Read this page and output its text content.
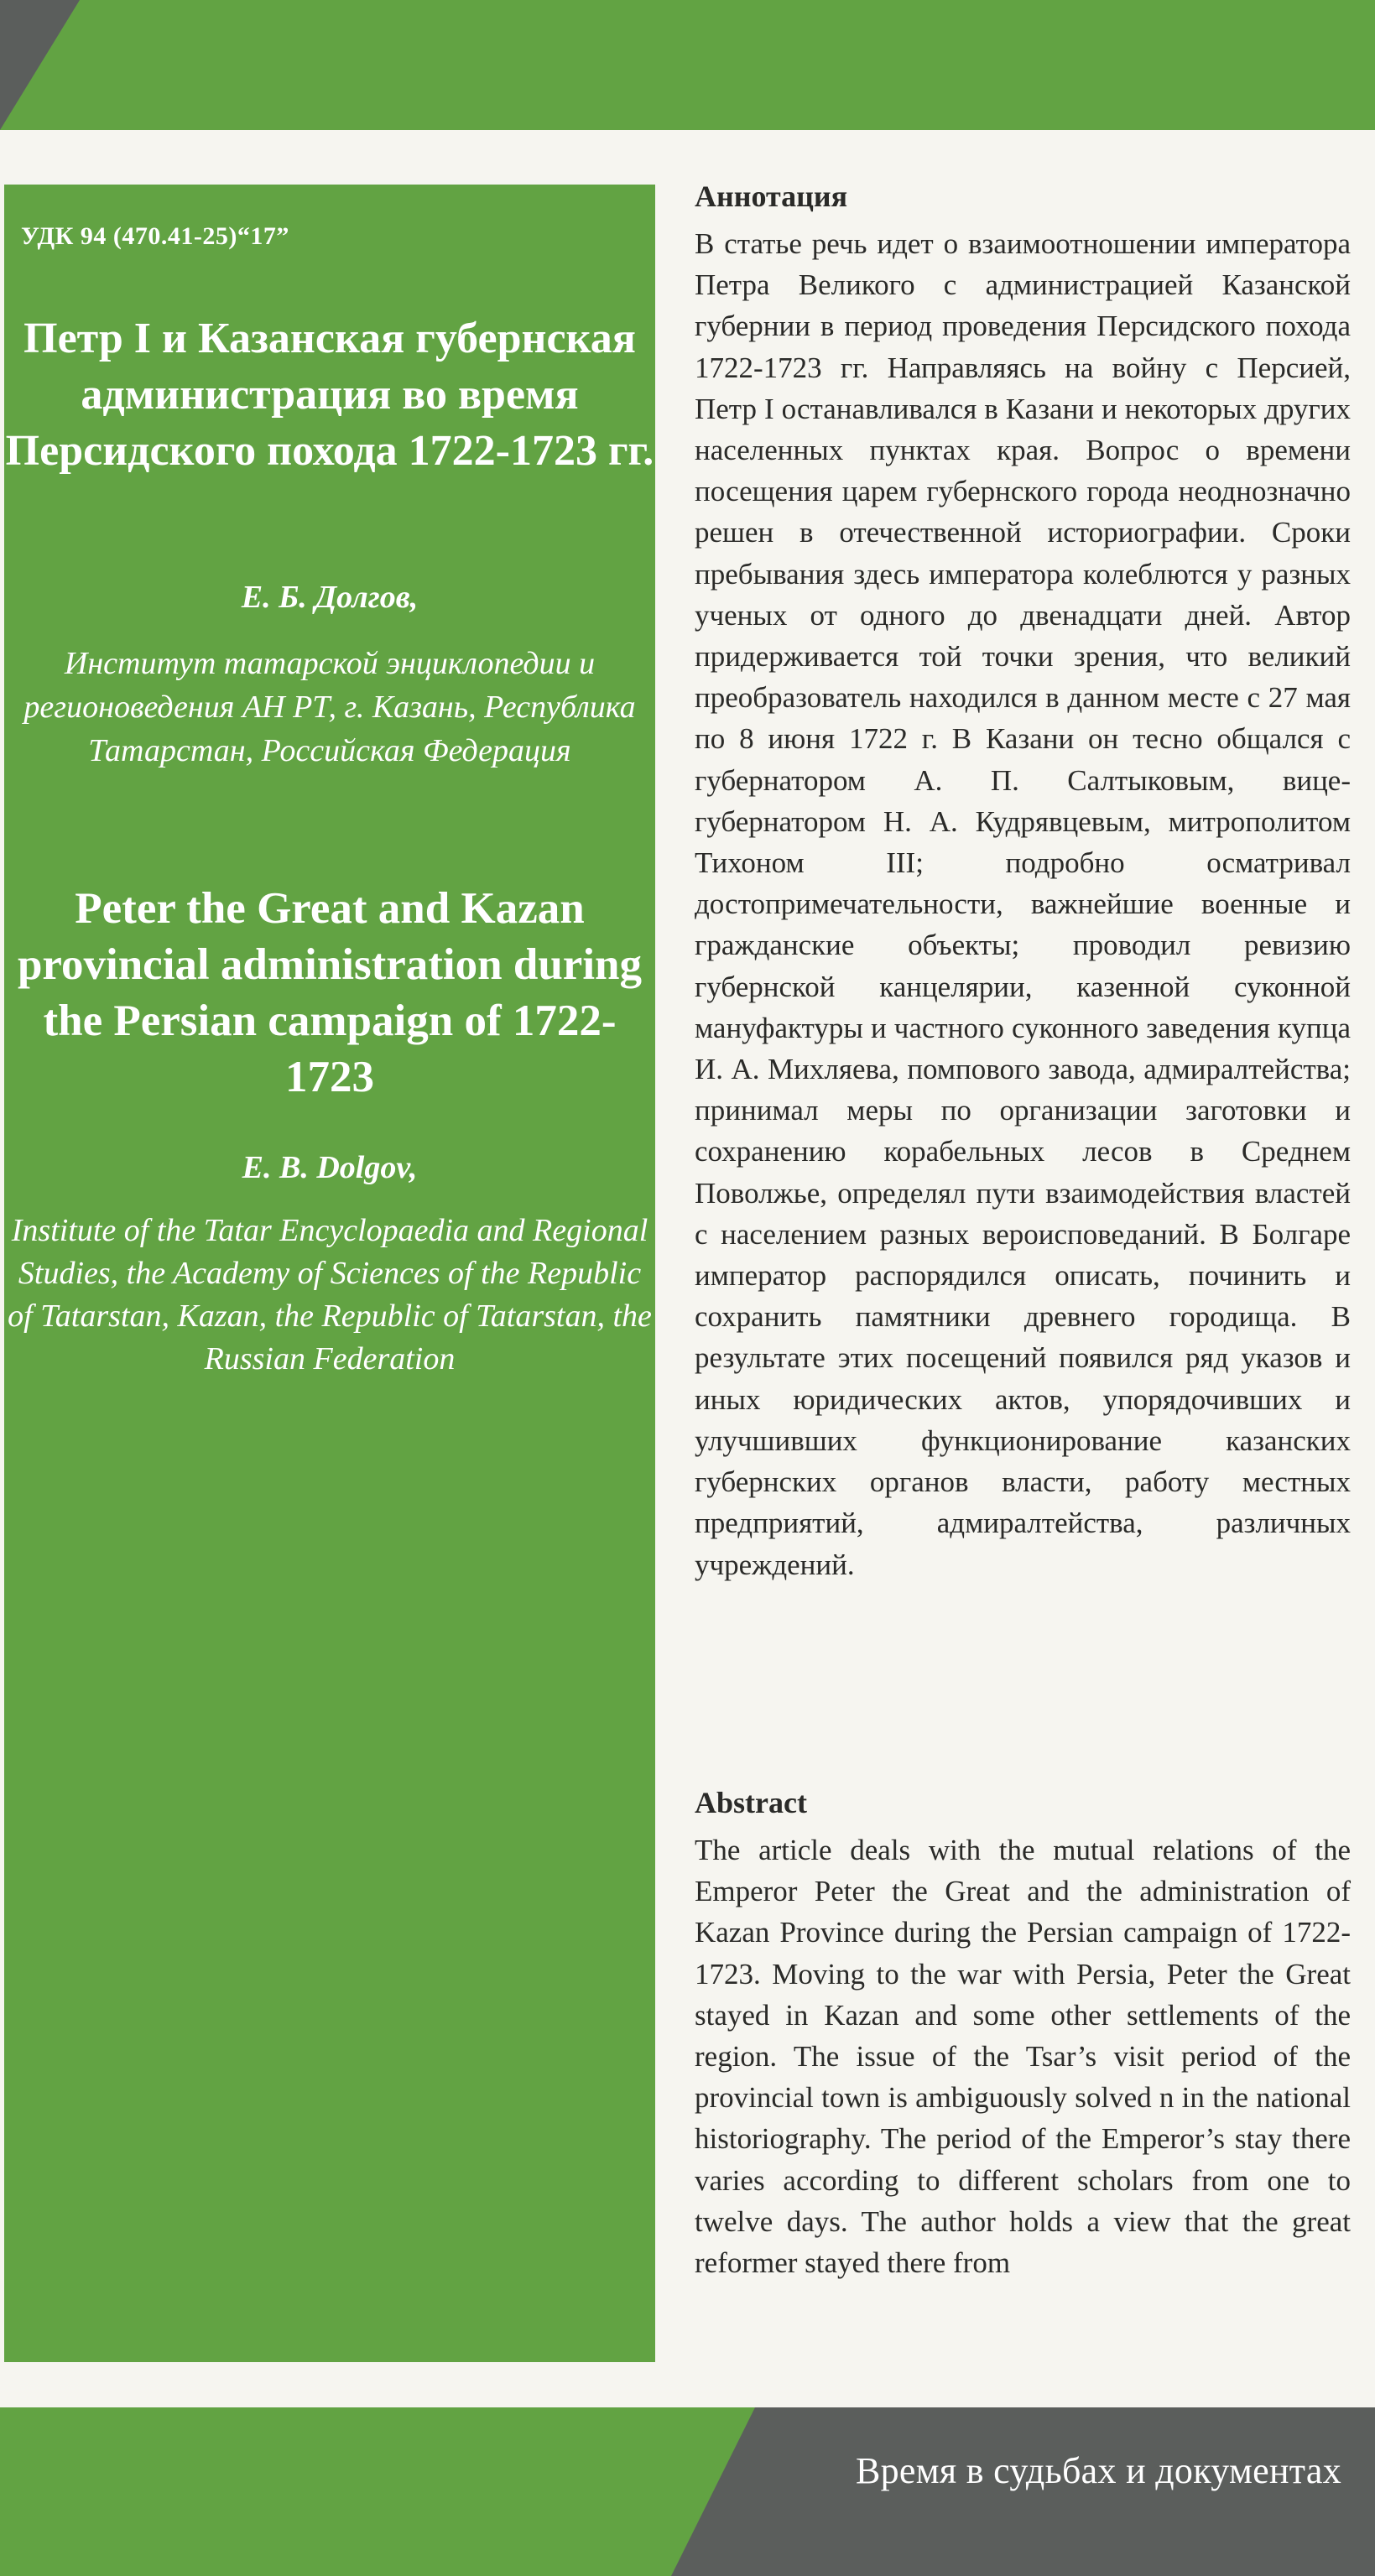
УДК 94 (470.41-25)“17”
Петр I и Казанская губернская администрация во время Персидского похода 1722-1723 гг.
Е. Б. Долгов,
Институт татарской энциклопедии и регионоведения АН РТ, г. Казань, Республика Татарстан, Российская Федерация
Peter the Great and Kazan provincial administration during the Persian campaign of 1722-1723
E. B. Dolgov,
Institute of the Tatar Encyclopaedia and Regional Studies, the Academy of Sciences of the Republic of Tatarstan, Kazan, the Republic of Tatarstan, the Russian Federation
Аннотация

В статье речь идет о взаимоотношении императора Петра Великого с администрацией Казанской губернии в период проведения Персидского похода 1722-1723 гг. Направляясь на войну с Персией, Петр I останавливался в Казани и некоторых других населенных пунктах края. Вопрос о времени посещения царем губернского города неоднозначно решен в отечественной историографии. Сроки пребывания здесь императора колеблются у разных ученых от одного до двенадцати дней. Автор придерживается той точки зрения, что великий преобразователь находился в данном месте с 27 мая по 8 июня 1722 г. В Казани он тесно общался с губернатором А. П. Салтыковым, вице-губернатором Н. А. Кудрявцевым, митрополитом Тихоном III; подробно осматривал достопримечательности, важнейшие военные и гражданские объекты; проводил ревизию губернской канцелярии, казенной суконной мануфактуры и частного суконного заведения купца И. А. Михляева, помпового завода, адмиралтейства; принимал меры по организации заготовки и сохранению корабельных лесов в Среднем Поволжье, определял пути взаимодействия властей с населением разных вероисповеданий. В Болгаре император распорядился описать, починить и сохранить памятники древнего городища. В результате этих посещений появился ряд указов и иных юридических актов, упорядочивших и улучшивших функционирование казанских губернских органов власти, работу местных предприятий, адмиралтейства, различных учреждений.

Abstract

The article deals with the mutual relations of the Emperor Peter the Great and the administration of Kazan Province during the Persian campaign of 1722-1723. Moving to the war with Persia, Peter the Great stayed in Kazan and some other settlements of the region. The issue of the Tsar’s visit period of the provincial town is ambiguously solved n in the national historiography. The period of the Emperor’s stay there varies according to different scholars from one to twelve days. The author holds a view that the great reformer stayed there from

Время в судьбах и документах
